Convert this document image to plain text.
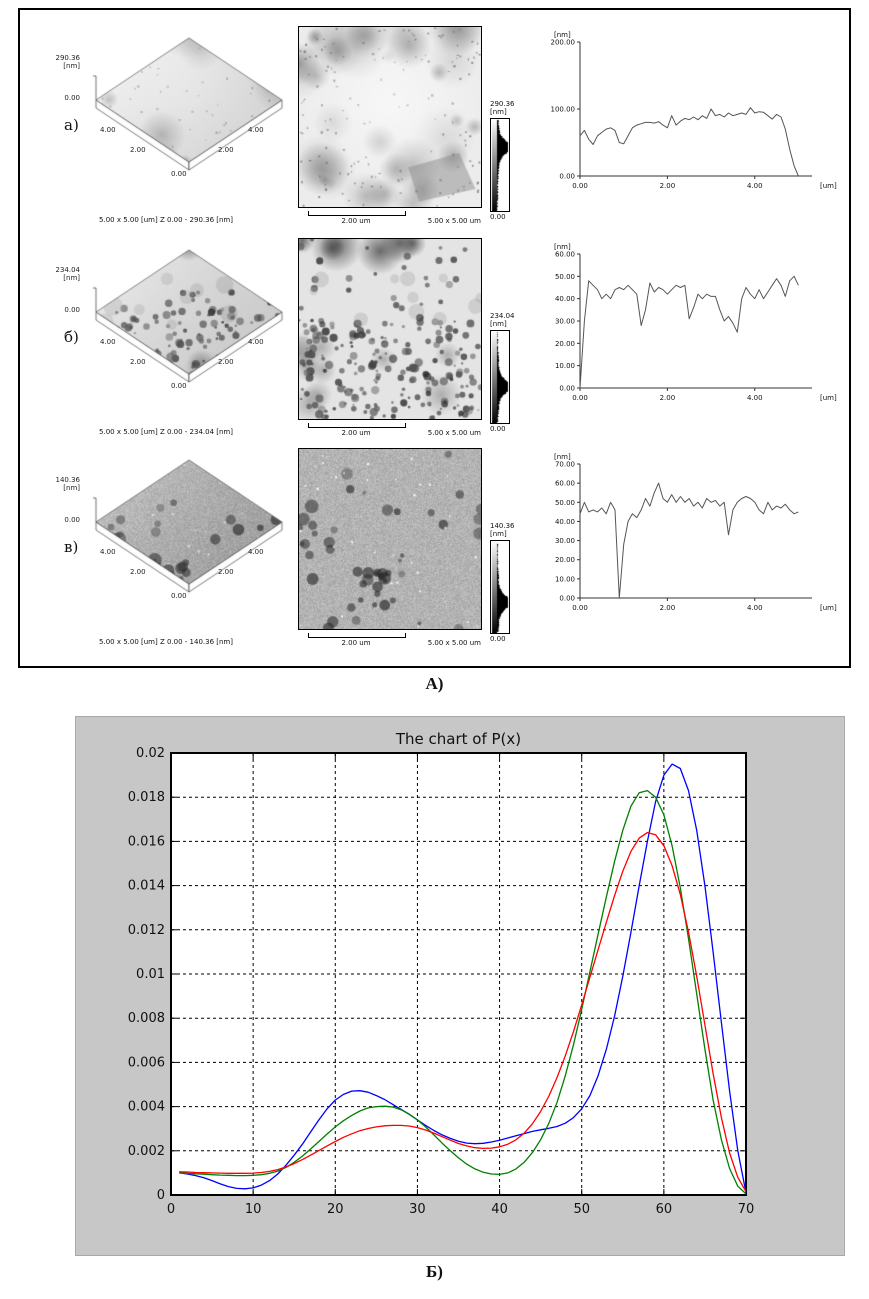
а)
290.36
[nm]
0.00
2.00
4.00
2.00
4.00
0.00
5.00 x 5.00 [um] Z 0.00 - 290.36 [nm]	2.00 um	5.00 x 5.00 um
290.36
[nm]
0.00
200.00
100.00
0.00
0.00	2.00	4.00
[nm]
[um]
б)
234.04
[nm]
0.00
2.00
4.00
2.00
4.00
0.00
5.00 x 5.00 [um] Z 0.00 - 234.04 [nm]	2.00 um	5.00 x 5.00 um
234.04
[nm]
0.00
60.00
50.00
40.00
30.00
20.00
10.00
0.00
0.00	2.00	4.00
[nm]
[um]
в)
140.36
[nm]
0.00
2.00
4.00
2.00
4.00
0.00
5.00 x 5.00 [um] Z 0.00 - 140.36 [nm]	2.00 um	5.00 x 5.00 um
140.36
[nm]
0.00
70.00
60.00
50.00
40.00
30.00
20.00
10.00
0.00
0.00	2.00	4.00
[nm]
[um]
А)
The chart of P(x)
0	10	20	30	40	50	60	70
0
0.002
0.004
0.006
0.008
0.01
0.012
0.014
0.016
0.018
0.02
Б)
